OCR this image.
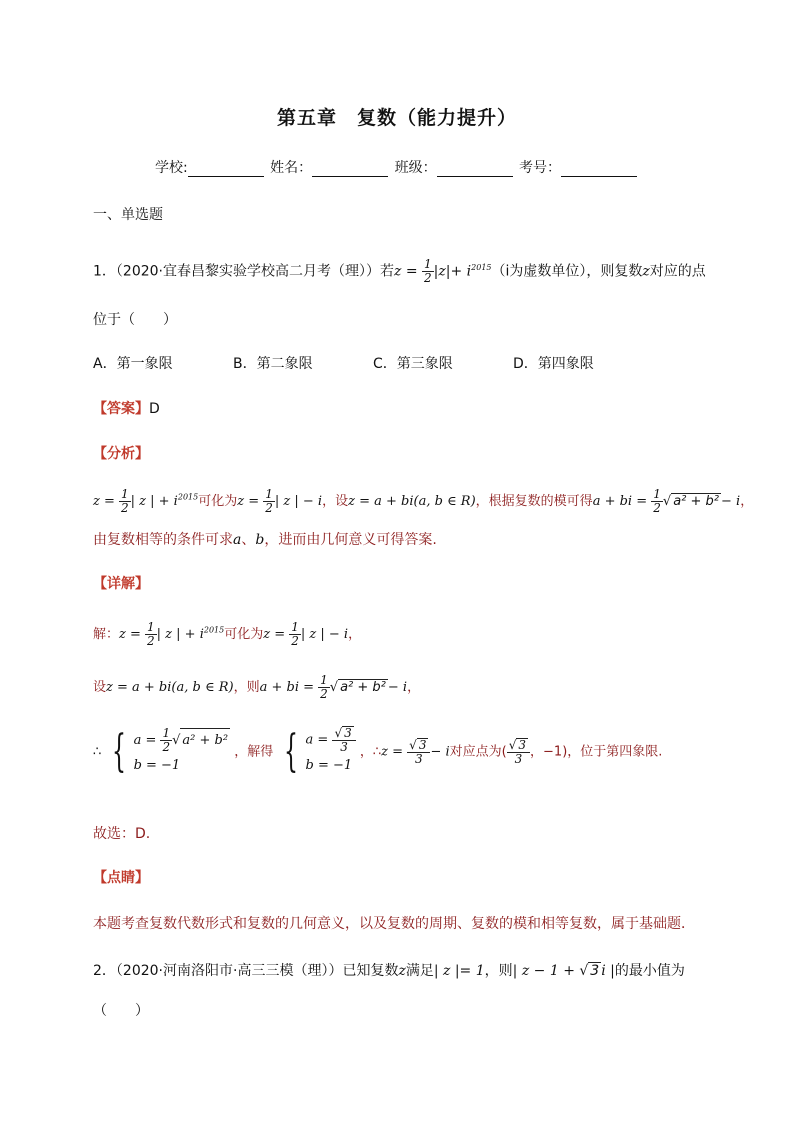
第五章　复数（能力提升）
学校:	姓名：	班级：	考号：
一、单选题
1．（2020·宜春昌黎实验学校高二月考（理））若$z = \frac{1}{2} |z|+ i^{2015}(i$为虚数单位），则复数z对应的点
位于（　　）
A．第一象限	B．第二象限	C．第三象限	D．第四象限
【答案】D
【分析】
$z = \frac{1}{2}$ | z | + $i^{2015}$可化为$z = \frac{1}{2}$ | z | − i，设z = a + bi(a, b ∈ R)，根据复数的模可得a + bi = $\frac{1}{2}$ √ a² + b² − i，
由复数相等的条件可求a、b，进而由几何意义可得答案.
【详解】
解：$z = \frac{1}{2}$ | z | + $i^{2015}$可化为$z = \frac{1}{2}$ | z | − i，
设z = a + bi(a, b ∈ R)，则a + bi = $\frac{1}{2}$ √ a² + b² − i，
∴ { $a = \frac{1}{2}$ √ a² + b²
b = −1
，解得 { $a = \frac{√ 3}{3}$
b = −1
，∴z = $\frac{√ 3}{3} - i$对应点为( $\frac{√ 3}{3}$ ，−1)，位于第四象限.
故选：D.
【点睛】
本题考查复数代数形式和复数的几何意义，以及复数的周期、复数的模和相等复数，属于基础题．
2．（2020·河南洛阳市·高三三模（理））已知复数z满足| z |= 1，则| z − 1 + √ 3 i |的最小值为
（　　）
